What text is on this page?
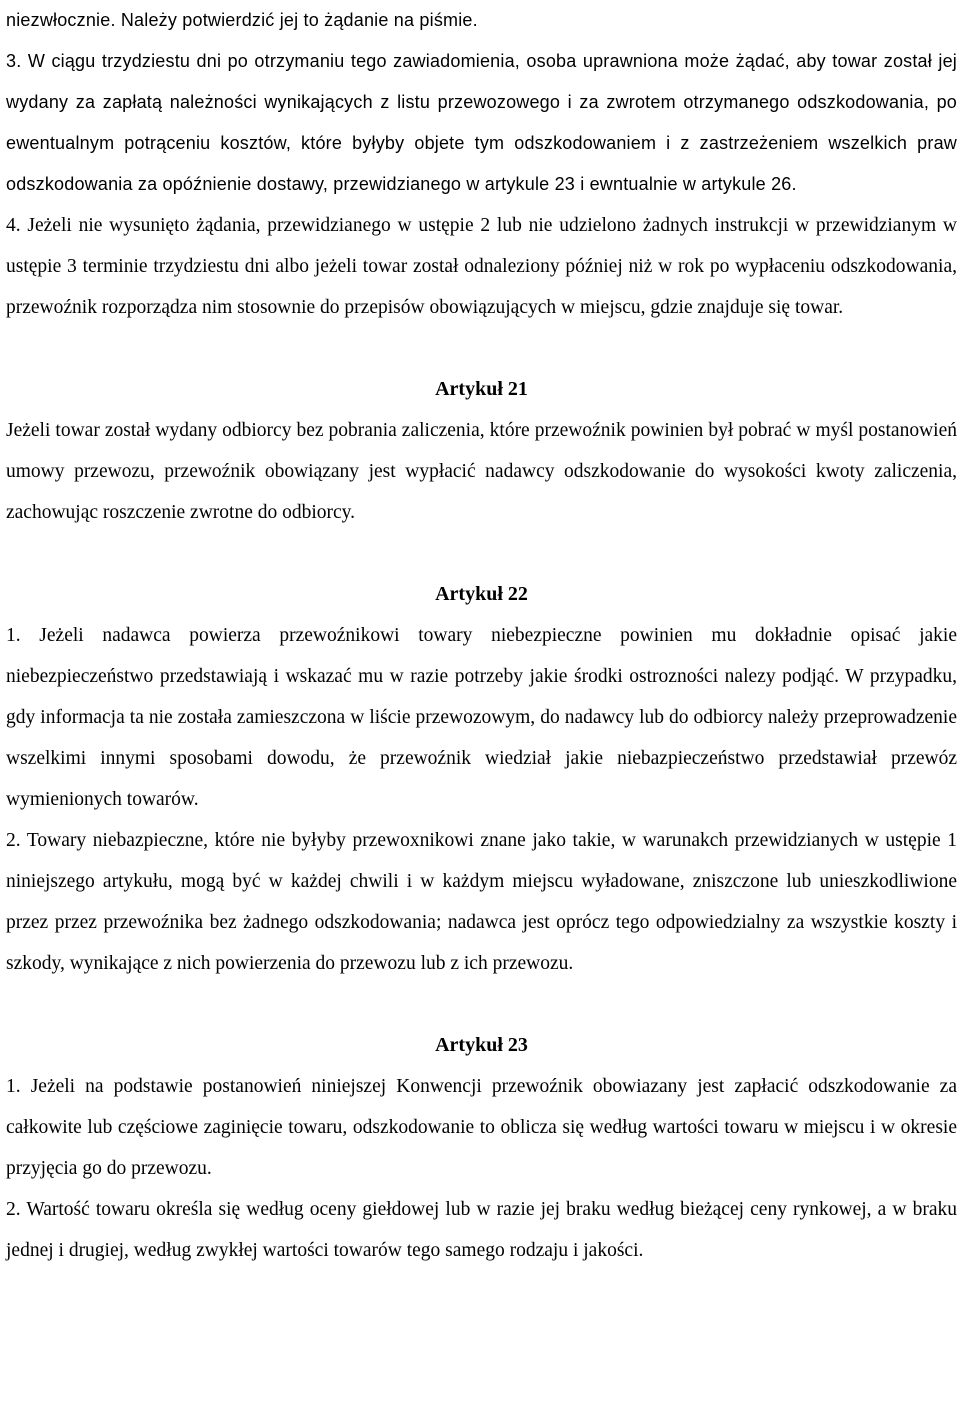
niezwłocznie. Należy potwierdzić jej to żądanie na piśmie.

3. W ciągu trzydziestu dni po otrzymaniu tego zawiadomienia, osoba uprawniona może żądać, aby towar został jej wydany za zapłatą należności wynikających z listu przewozowego i za zwrotem otrzymanego odszkodowania, po ewentualnym potrąceniu kosztów, które byłyby objete tym odszkodowaniem i z zastrzeżeniem wszelkich praw odszkodowania za opóźnienie dostawy, przewidzianego w artykule 23 i ewntualnie w artykule 26.

4. Jeżeli nie wysunięto żądania, przewidzianego w ustępie 2 lub nie udzielono żadnych instrukcji w przewidzianym w ustępie 3 terminie trzydziestu dni albo jeżeli towar został odnaleziony później niż w rok po wypłaceniu odszkodowania, przewoźnik rozporządza nim stosownie do przepisów obowiązujących w miejscu, gdzie znajduje się towar.

Artykuł 21

Jeżeli towar został wydany odbiorcy bez pobrania zaliczenia, które przewoźnik powinien był pobrać w myśl postanowień umowy przewozu, przewoźnik obowiązany jest wypłacić nadawcy odszkodowanie do wysokości kwoty zaliczenia, zachowując roszczenie zwrotne do odbiorcy.

Artykuł 22

1. Jeżeli nadawca powierza przewoźnikowi towary niebezpieczne powinien mu dokładnie opisać jakie niebezpieczeństwo przedstawiają i wskazać mu w razie potrzeby jakie środki ostrozności nalezy podjąć. W przypadku, gdy informacja ta nie została zamieszczona w liście przewozowym, do nadawcy lub do odbiorcy należy przeprowadzenie wszelkimi innymi sposobami dowodu, że przewoźnik wiedział jakie niebazpieczeństwo przedstawiał przewóz wymienionych towarów.

2. Towary niebazpieczne, które nie byłyby przewoxnikowi znane jako takie, w warunakch przewidzianych w ustępie 1 niniejszego artykułu, mogą być w każdej chwili i w każdym miejscu wyładowane, zniszczone lub unieszkodliwione przez przez przewoźnika bez żadnego odszkodowania; nadawca jest oprócz tego odpowiedzialny za wszystkie koszty i szkody, wynikające z nich powierzenia do przewozu lub z ich przewozu.

Artykuł 23

1. Jeżeli na podstawie postanowień niniejszej Konwencji przewoźnik obowiazany jest zapłacić odszkodowanie za całkowite lub częściowe zaginięcie towaru, odszkodowanie to oblicza się według wartości towaru w miejscu i w okresie przyjęcia go do przewozu.

2. Wartość towaru określa się według oceny giełdowej lub w razie jej braku według bieżącej ceny rynkowej, a w braku jednej i drugiej, według zwykłej wartości towarów tego samego rodzaju i jakości.
